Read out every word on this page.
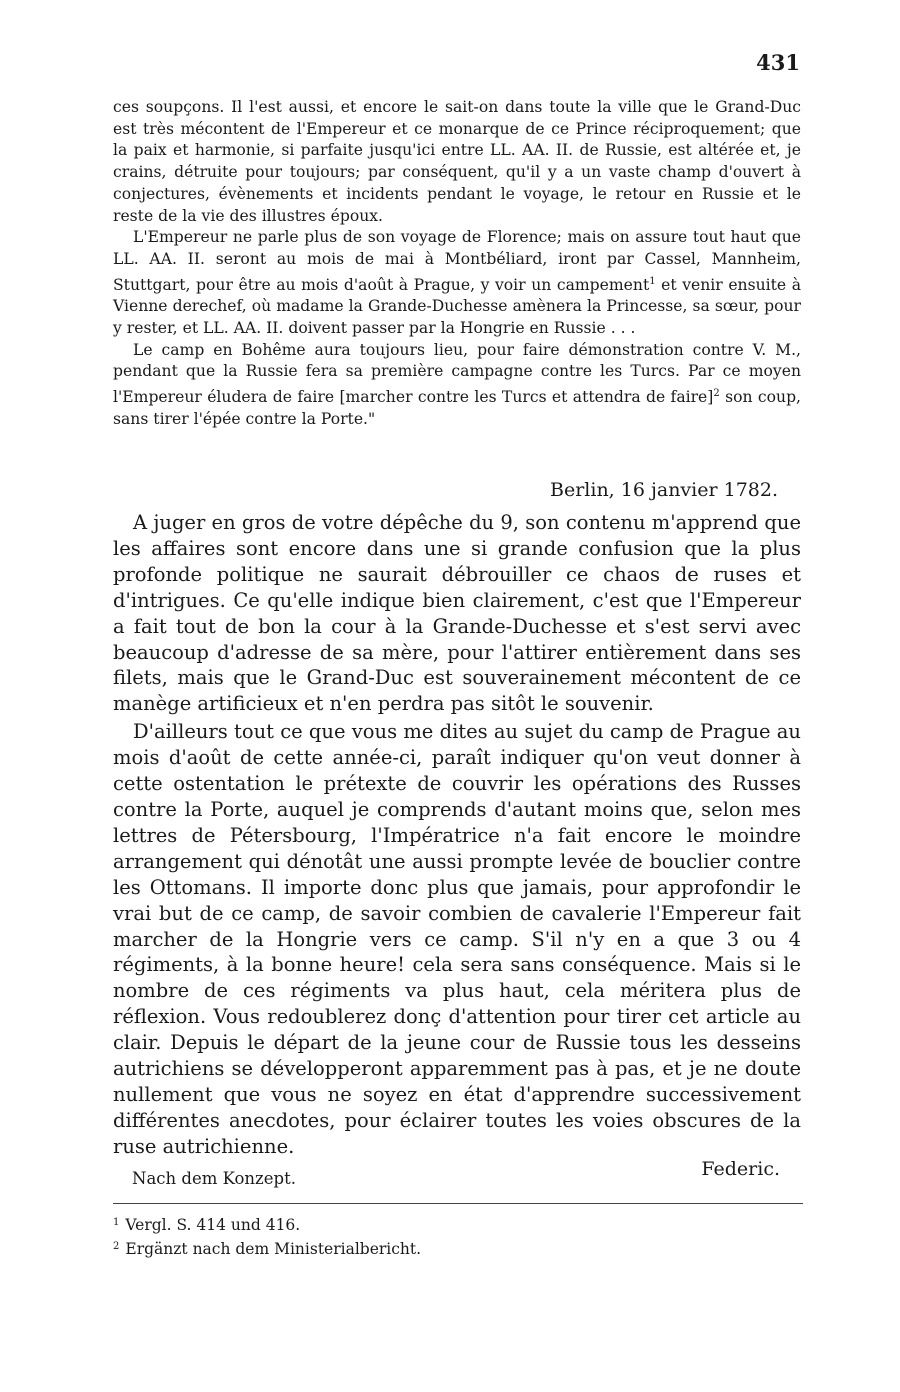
431

ces soupçons. Il l'est aussi, et encore le sait-on dans toute la ville que le Grand-Duc est très mécontent de l'Empereur et ce monarque de ce Prince réciproquement; que la paix et harmonie, si parfaite jusqu'ici entre LL. AA. II. de Russie, est altérée et, je crains, détruite pour toujours; par conséquent, qu'il y a un vaste champ d'ouvert à conjectures, évènements et incidents pendant le voyage, le retour en Russie et le reste de la vie des illustres époux.

L'Empereur ne parle plus de son voyage de Florence; mais on assure tout haut que LL. AA. II. seront au mois de mai à Montbéliard, iront par Cassel, Mannheim, Stuttgart, pour être au mois d'août à Prague, y voir un campement$^1$ et venir ensuite à Vienne derechef, où madame la Grande-Duchesse amènera la Princesse, sa sœur, pour y rester, et LL. AA. II. doivent passer par la Hongrie en Russie . . .

Le camp en Bohême aura toujours lieu, pour faire démonstration contre V. M., pendant que la Russie fera sa première campagne contre les Turcs. Par ce moyen l'Empereur éludera de faire [marcher contre les Turcs et attendra de faire]$^2$ son coup, sans tirer l'épée contre la Porte."

Berlin, 16 janvier 1782.

A juger en gros de votre dépêche du 9, son contenu m'apprend que les affaires sont encore dans une si grande confusion que la plus profonde politique ne saurait débrouiller ce chaos de ruses et d'intrigues. Ce qu'elle indique bien clairement, c'est que l'Empereur a fait tout de bon la cour à la Grande-Duchesse et s'est servi avec beaucoup d'adresse de sa mère, pour l'attirer entièrement dans ses filets, mais que le Grand-Duc est souverainement mécontent de ce manège artificieux et n'en perdra pas sitôt le souvenir.

D'ailleurs tout ce que vous me dites au sujet du camp de Prague au mois d'août de cette année-ci, paraît indiquer qu'on veut donner à cette ostentation le prétexte de couvrir les opérations des Russes contre la Porte, auquel je comprends d'autant moins que, selon mes lettres de Pétersbourg, l'Impératrice n'a fait encore le moindre arrangement qui dénotât une aussi prompte levée de bouclier contre les Ottomans. Il importe donc plus que jamais, pour approfondir le vrai but de ce camp, de savoir combien de cavalerie l'Empereur fait marcher de la Hongrie vers ce camp. S'il n'y en a que 3 ou 4 régiments, à la bonne heure! cela sera sans conséquence. Mais si le nombre de ces régiments va plus haut, cela méritera plus de réflexion. Vous redoublerez donç d'attention pour tirer cet article au clair. Depuis le départ de la jeune cour de Russie tous les desseins autrichiens se développeront apparemment pas à pas, et je ne doute nullement que vous ne soyez en état d'apprendre successivement différentes anecdotes, pour éclairer toutes les voies obscures de la ruse autrichienne.

Nach dem Konzept.	Federic.
$^1$ Vergl. S. 414 und 416.
$^2$ Ergänzt nach dem Ministerialbericht.
